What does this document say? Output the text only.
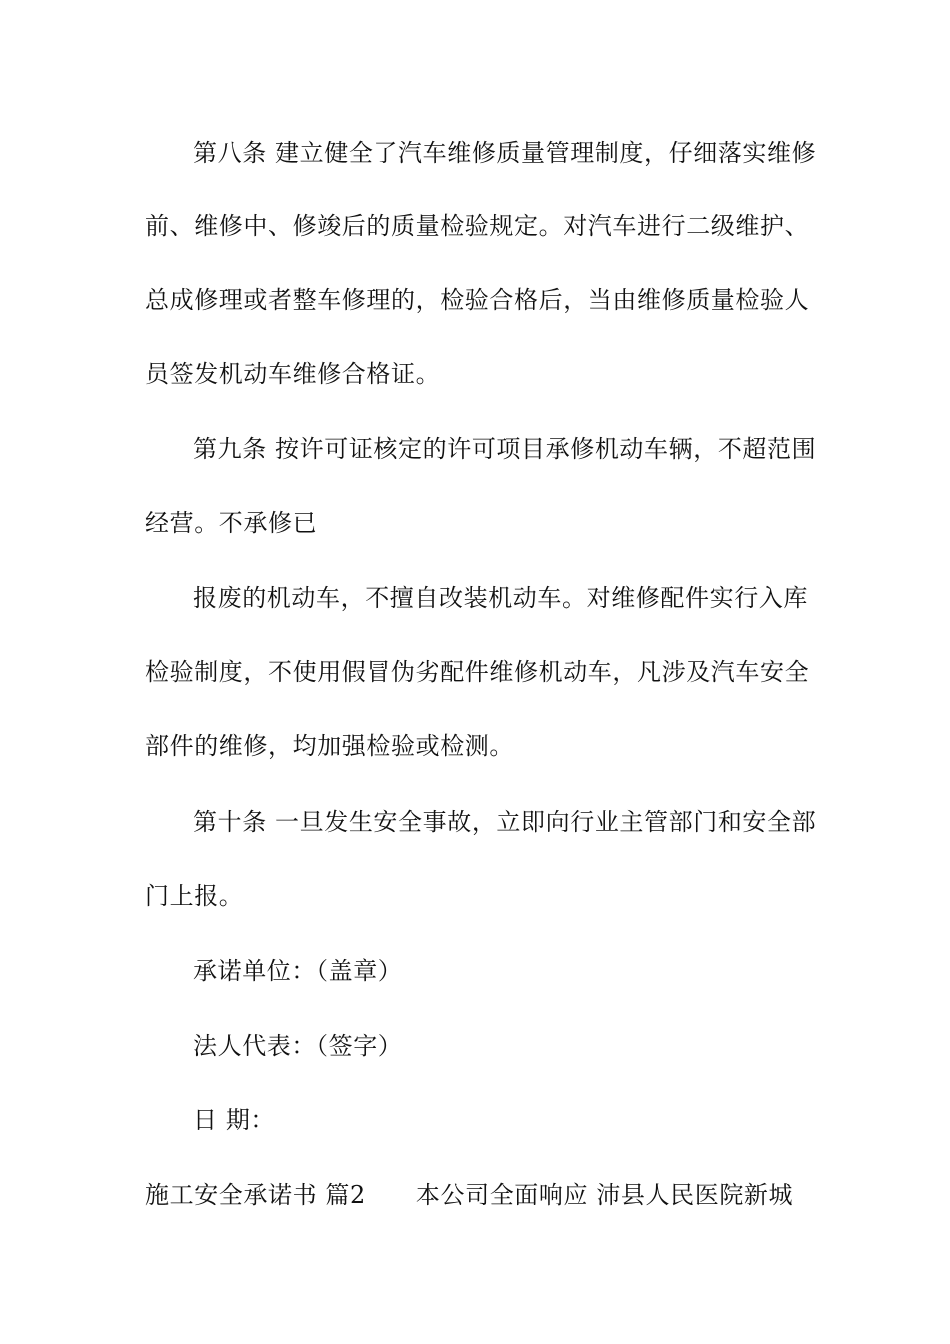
第八条 建立健全了汽车维修质量管理制度，仔细落实维修
前、维修中、修竣后的质量检验规定。对汽车进行二级维护、
总成修理或者整车修理的，检验合格后，当由维修质量检验人
员签发机动车维修合格证。
第九条 按许可证核定的许可项目承修机动车辆，不超范围
经营。不承修已
报废的机动车，不擅自改装机动车。对维修配件实行入库
检验制度，不使用假冒伪劣配件维修机动车，凡涉及汽车安全
部件的维修，均加强检验或检测。
第十条 一旦发生安全事故，立即向行业主管部门和安全部
门上报。
承诺单位：（盖章）
法人代表：（签字）
日 期：
施工安全承诺书 篇2 本公司全面响应 沛县人民医院新城
